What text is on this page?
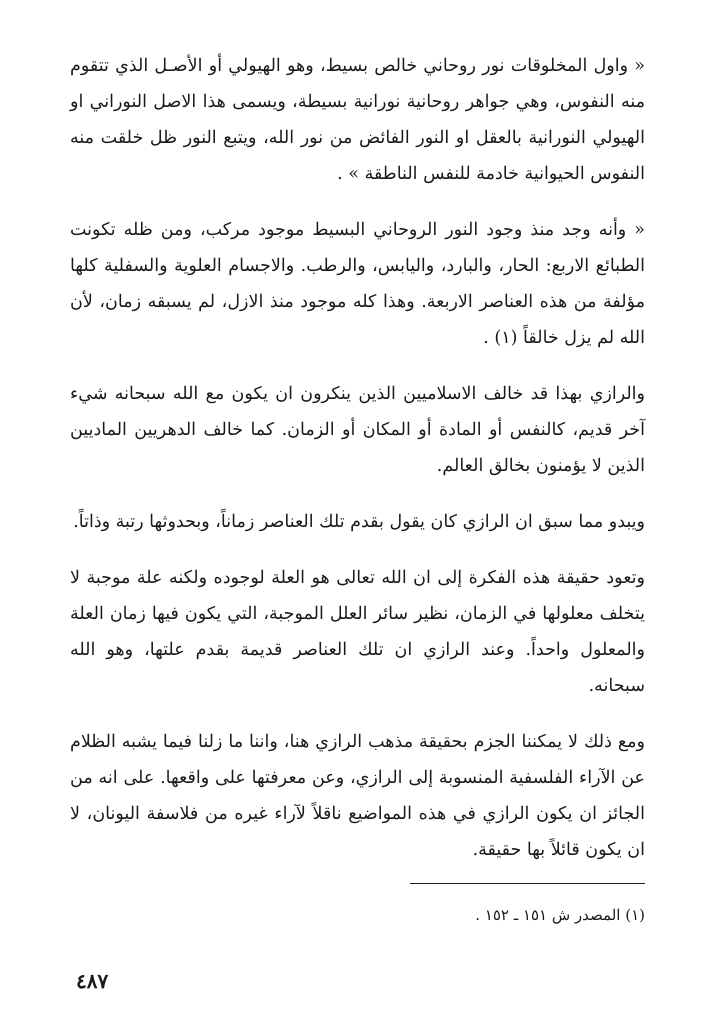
« واول المخلوقات نور روحاني خالص بسيط، وهو الهيولي أو الأصـل الذي تتقوم منه النفوس، وهي جواهر روحانية نورانية بسيطة، ويسمى هذا الاصل النوراني او الهيولي النورانية بالعقل او النور الفائض من نور الله، ويتبع النور ظل خلقت منه النفوس الحيوانية خادمة للنفس الناطقة » .

« وأنه وجد منذ وجود النور الروحاني البسيط موجود مركب، ومن ظله تكونت الطبائع الاربع: الحار، والبارد، واليابس، والرطب. والاجسام العلوية والسفلية كلها مؤلفة من هذه العناصر الاربعة. وهذا كله موجود منذ الازل، لم يسبقه زمان، لأن الله لم يزل خالقاً (١) .

والرازي بهذا قد خالف الاسلاميين الذين ينكرون ان يكون مع الله سبحانه شيء آخر قديم، كالنفس أو المادة أو المكان أو الزمان. كما خالف الدهريين الماديين الذين لا يؤمنون بخالق العالم.

ويبدو مما سبق ان الرازي كان يقول بقدم تلك العناصر زماناً، وبحدوثها رتبة وذاتاً.

وتعود حقيقة هذه الفكرة إلى ان الله تعالى هو العلة لوجوده ولكنه علة موجبة لا يتخلف معلولها في الزمان، نظير سائر العلل الموجبة، التي يكون فيها زمان العلة والمعلول واحداً. وعند الرازي ان تلك العناصر قديمة بقدم علتها، وهو الله سبحانه.

ومع ذلك لا يمكننا الجزم بحقيقة مذهب الرازي هنا، واننا ما زلنا فيما يشبه الظلام عن الآراء الفلسفية المنسوبة إلى الرازي، وعن معرفتها على واقعها. على انه من الجائز ان يكون الرازي في هذه المواضيع ناقلاً لآراء غيره من فلاسفة اليونان، لا ان يكون قائلاً بها حقيقة.

(١) المصدر ش ١٥١ ـ ١٥٢ .

٤٨٧
